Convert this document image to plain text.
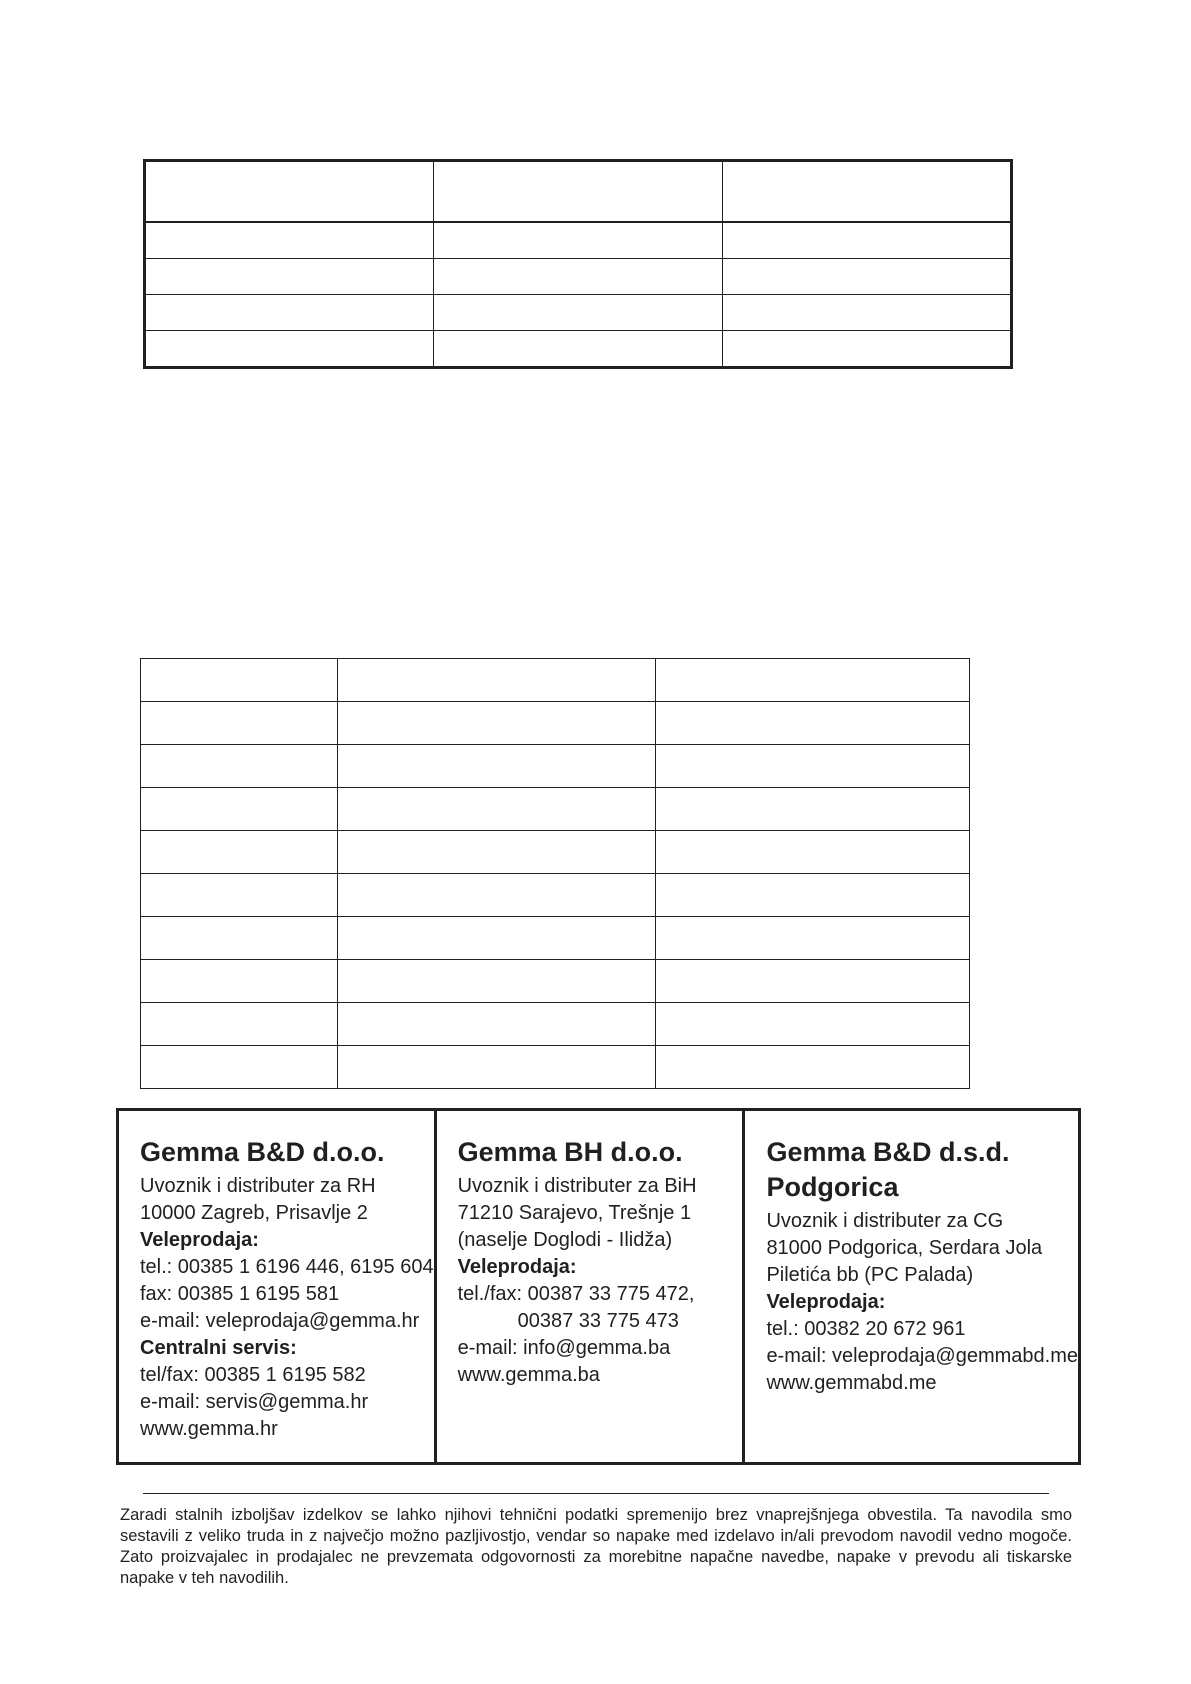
Gemma B&D d.o.o.
Uvoznik i distributer za RH
10000 Zagreb, Prisavlje 2
Veleprodaja:
tel.: 00385 1 6196 446, 6195 604
fax: 00385 1 6195 581
e-mail: veleprodaja@gemma.hr
Centralni servis:
tel/fax: 00385 1 6195 582
e-mail: servis@gemma.hr
www.gemma.hr
Gemma BH d.o.o.
Uvoznik i distributer za BiH
71210 Sarajevo, Trešnje 1
(naselje Doglodi - Ilidža)
Veleprodaja:
tel./fax: 00387 33 775 472,
00387 33 775 473
e-mail: info@gemma.ba
www.gemma.ba
Gemma B&D d.s.d.
Podgorica
Uvoznik i distributer za CG
81000 Podgorica, Serdara Jola
Piletića bb (PC Palada)
Veleprodaja:
tel.: 00382 20 672 961
e-mail: veleprodaja@gemmabd.me
www.gemmabd.me
Zaradi stalnih izboljšav izdelkov se lahko njihovi tehnični podatki spremenijo brez vnaprejšnjega obvestila. Ta navodila smo sestavili z veliko truda in z največjo možno pazljivostjo, vendar so napake med izdelavo in/ali prevodom navodil vedno mogoče. Zato proizvajalec in prodajalec ne prevzemata odgovornosti za morebitne napačne navedbe, napake v prevodu ali tiskarske napake v teh navodilih.
